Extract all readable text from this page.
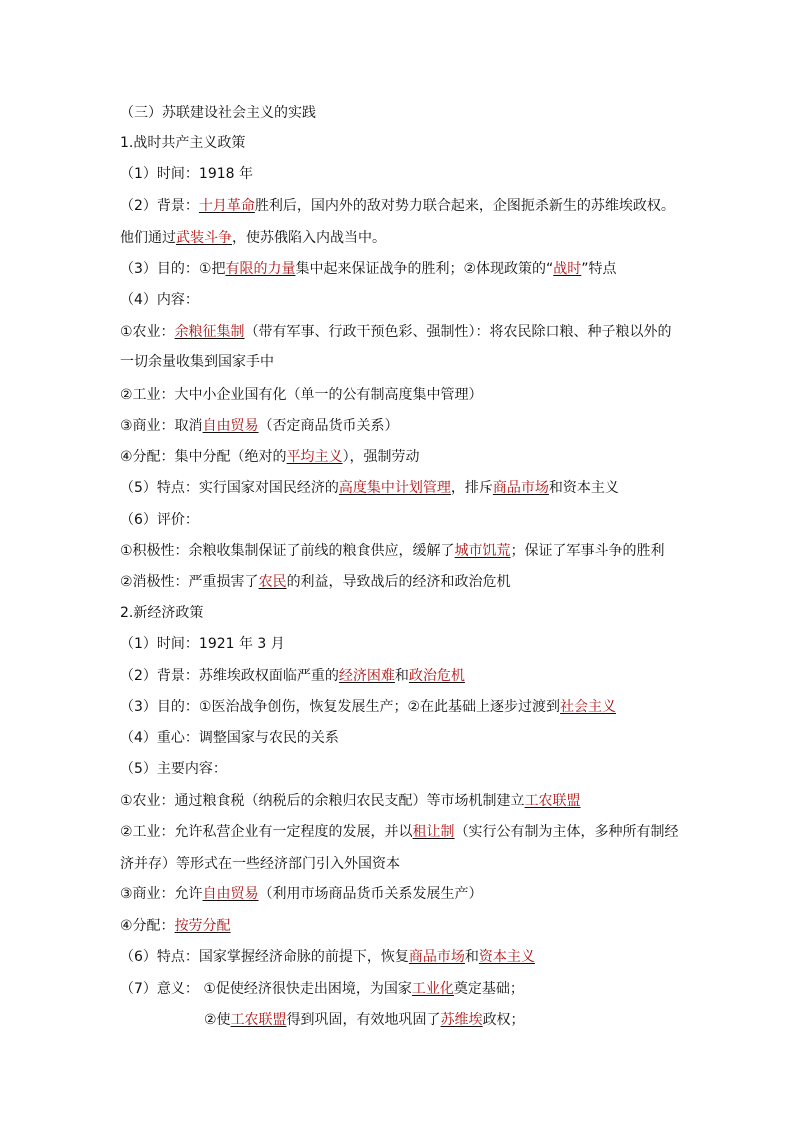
（三）苏联建设社会主义的实践
1.战时共产主义政策
（1）时间：1918 年
（2）背景：十月革命胜利后，国内外的敌对势力联合起来，企图扼杀新生的苏维埃政权。
他们通过武装斗争，使苏俄陷入内战当中。
（3）目的：①把有限的力量集中起来保证战争的胜利；②体现政策的“战时”特点
（4）内容：
①农业：余粮征集制（带有军事、行政干预色彩、强制性）：将农民除口粮、种子粮以外的
一切余量收集到国家手中
②工业：大中小企业国有化（单一的公有制高度集中管理）
③商业：取消自由贸易（否定商品货币关系）
④分配：集中分配（绝对的平均主义），强制劳动
（5）特点：实行国家对国民经济的高度集中计划管理，排斥商品市场和资本主义
（6）评价：
①积极性：余粮收集制保证了前线的粮食供应，缓解了城市饥荒；保证了军事斗争的胜利
②消极性：严重损害了农民的利益，导致战后的经济和政治危机
2.新经济政策
（1）时间：1921 年 3 月
（2）背景：苏维埃政权面临严重的经济困难和政治危机
（3）目的：①医治战争创伤，恢复发展生产；②在此基础上逐步过渡到社会主义
（4）重心：调整国家与农民的关系
（5）主要内容：
①农业：通过粮食税（纳税后的余粮归农民支配）等市场机制建立工农联盟
②工业：允许私营企业有一定程度的发展，并以租让制（实行公有制为主体，多种所有制经
济并存）等形式在一些经济部门引入外国资本
③商业：允许自由贸易（利用市场商品货币关系发展生产）
④分配：按劳分配
（6）特点：国家掌握经济命脉的前提下，恢复商品市场和资本主义
（7）意义： ①促使经济很快走出困境，为国家工业化奠定基础；
②使工农联盟得到巩固，有效地巩固了苏维埃政权；
